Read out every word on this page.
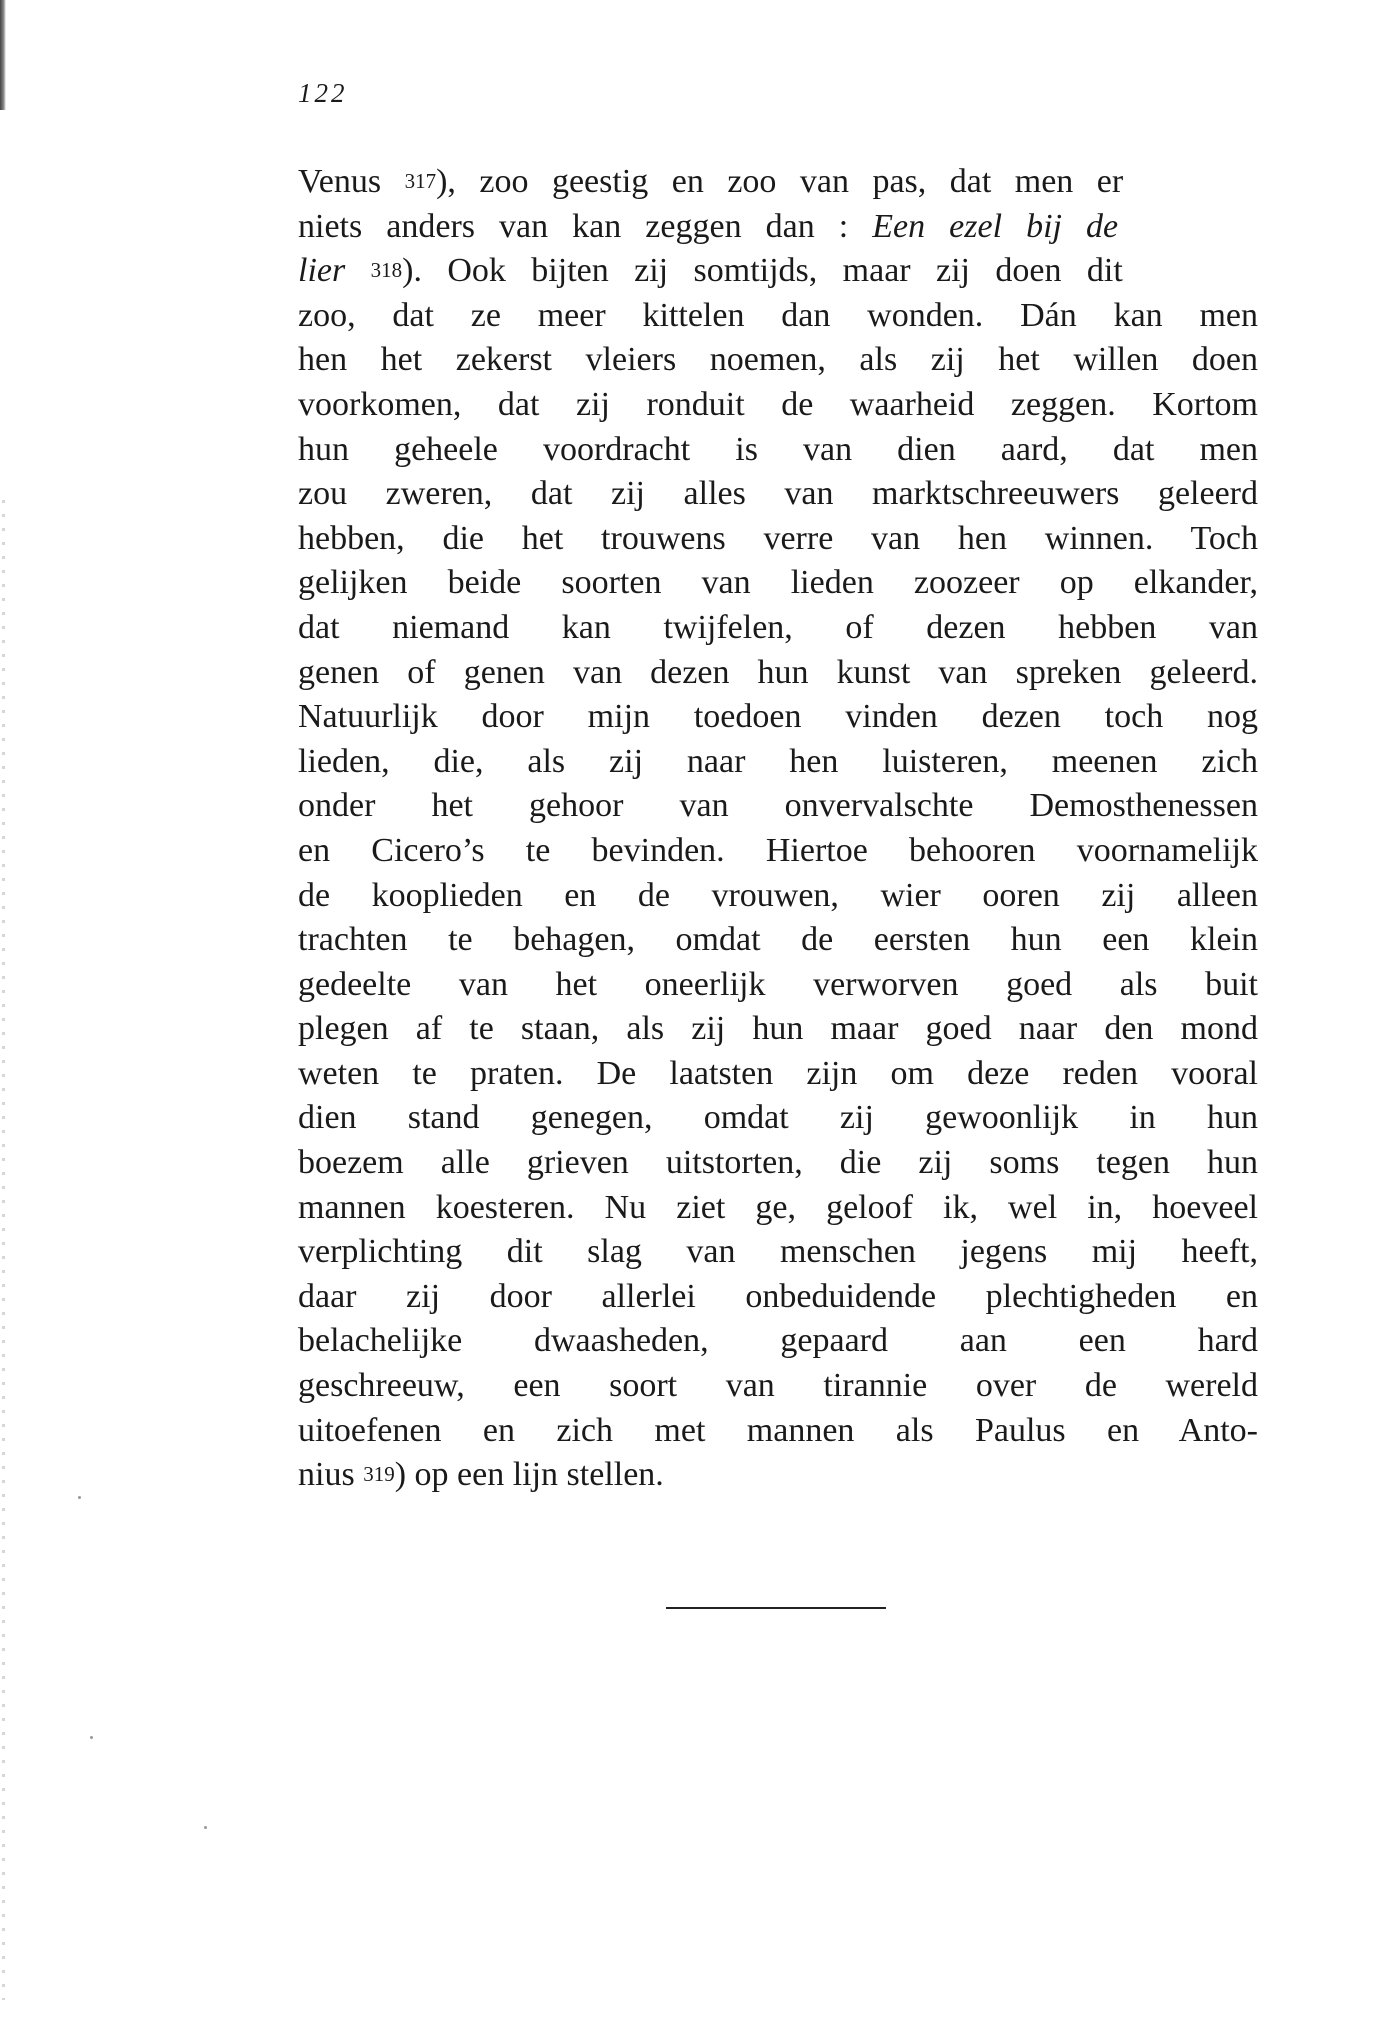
122
Venus $^{317}$), zoo geestig en zoo van pas, dat men er
niets anders van kan zeggen dan : Een ezel bij de
lier $^{318}$). Ook bijten zij somtijds, maar zij doen dit
zoo, dat ze meer kittelen dan wonden. Dán kan men
hen het zekerst vleiers noemen, als zij het willen doen
voorkomen, dat zij ronduit de waarheid zeggen. Kortom
hun geheele voordracht is van dien aard, dat men
zou zweren, dat zij alles van marktschreeuwers geleerd
hebben, die het trouwens verre van hen winnen. Toch
gelijken beide soorten van lieden zoozeer op elkander,
dat niemand kan twijfelen, of dezen hebben van
genen of genen van dezen hun kunst van spreken geleerd.
Natuurlijk door mijn toedoen vinden dezen toch nog
lieden, die, als zij naar hen luisteren, meenen zich
onder het gehoor van onvervalschte Demosthenessen
en Cicero’s te bevinden. Hiertoe behooren voornamelijk
de kooplieden en de vrouwen, wier ooren zij alleen
trachten te behagen, omdat de eersten hun een klein
gedeelte van het oneerlijk verworven goed als buit
plegen af te staan, als zij hun maar goed naar den mond
weten te praten. De laatsten zijn om deze reden vooral
dien stand genegen, omdat zij gewoonlijk in hun
boezem alle grieven uitstorten, die zij soms tegen hun
mannen koesteren. Nu ziet ge, geloof ik, wel in, hoeveel
verplichting dit slag van menschen jegens mij heeft,
daar zij door allerlei onbeduidende plechtigheden en
belachelijke dwaasheden, gepaard aan een hard
geschreeuw, een soort van tirannie over de wereld
uitoefenen en zich met mannen als Paulus en Anto-
nius $^{319}$) op een lijn stellen.
